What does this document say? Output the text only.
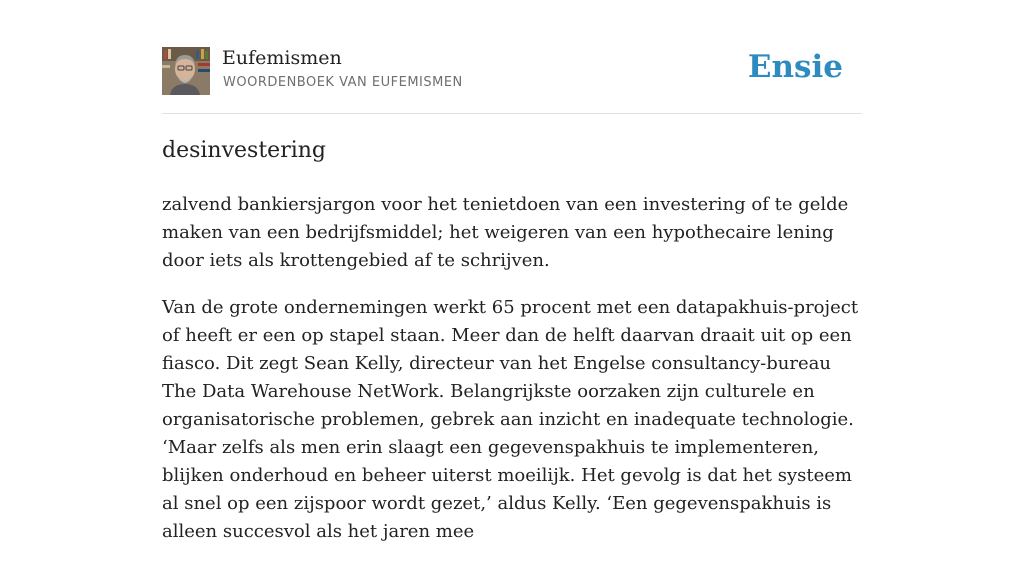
Eufemismen
WOORDENBOEK VAN EUFEMISMEN	Ensie
desinvestering

zalvend bankiersjargon voor het tenietdoen van een investering of te gelde maken van een bedrijfsmiddel; het weigeren van een hypothecaire lening door iets als krottengebied af te schrijven.

Van de grote ondernemingen werkt 65 procent met een datapakhuis-project of heeft er een op stapel staan. Meer dan de helft daarvan draait uit op een fiasco. Dit zegt Sean Kelly, directeur van het Engelse consultancy-bureau The Data Warehouse NetWork. Belangrijkste oorzaken zijn culturele en organisatorische problemen, gebrek aan inzicht en inadequate technologie. ‘Maar zelfs als men erin slaagt een gegevenspakhuis te implementeren, blijken onderhoud en beheer uiterst moeilijk. Het gevolg is dat het systeem al snel op een zijspoor wordt gezet,’ aldus Kelly. ‘Een gegevenspakhuis is alleen succesvol als het jaren mee
